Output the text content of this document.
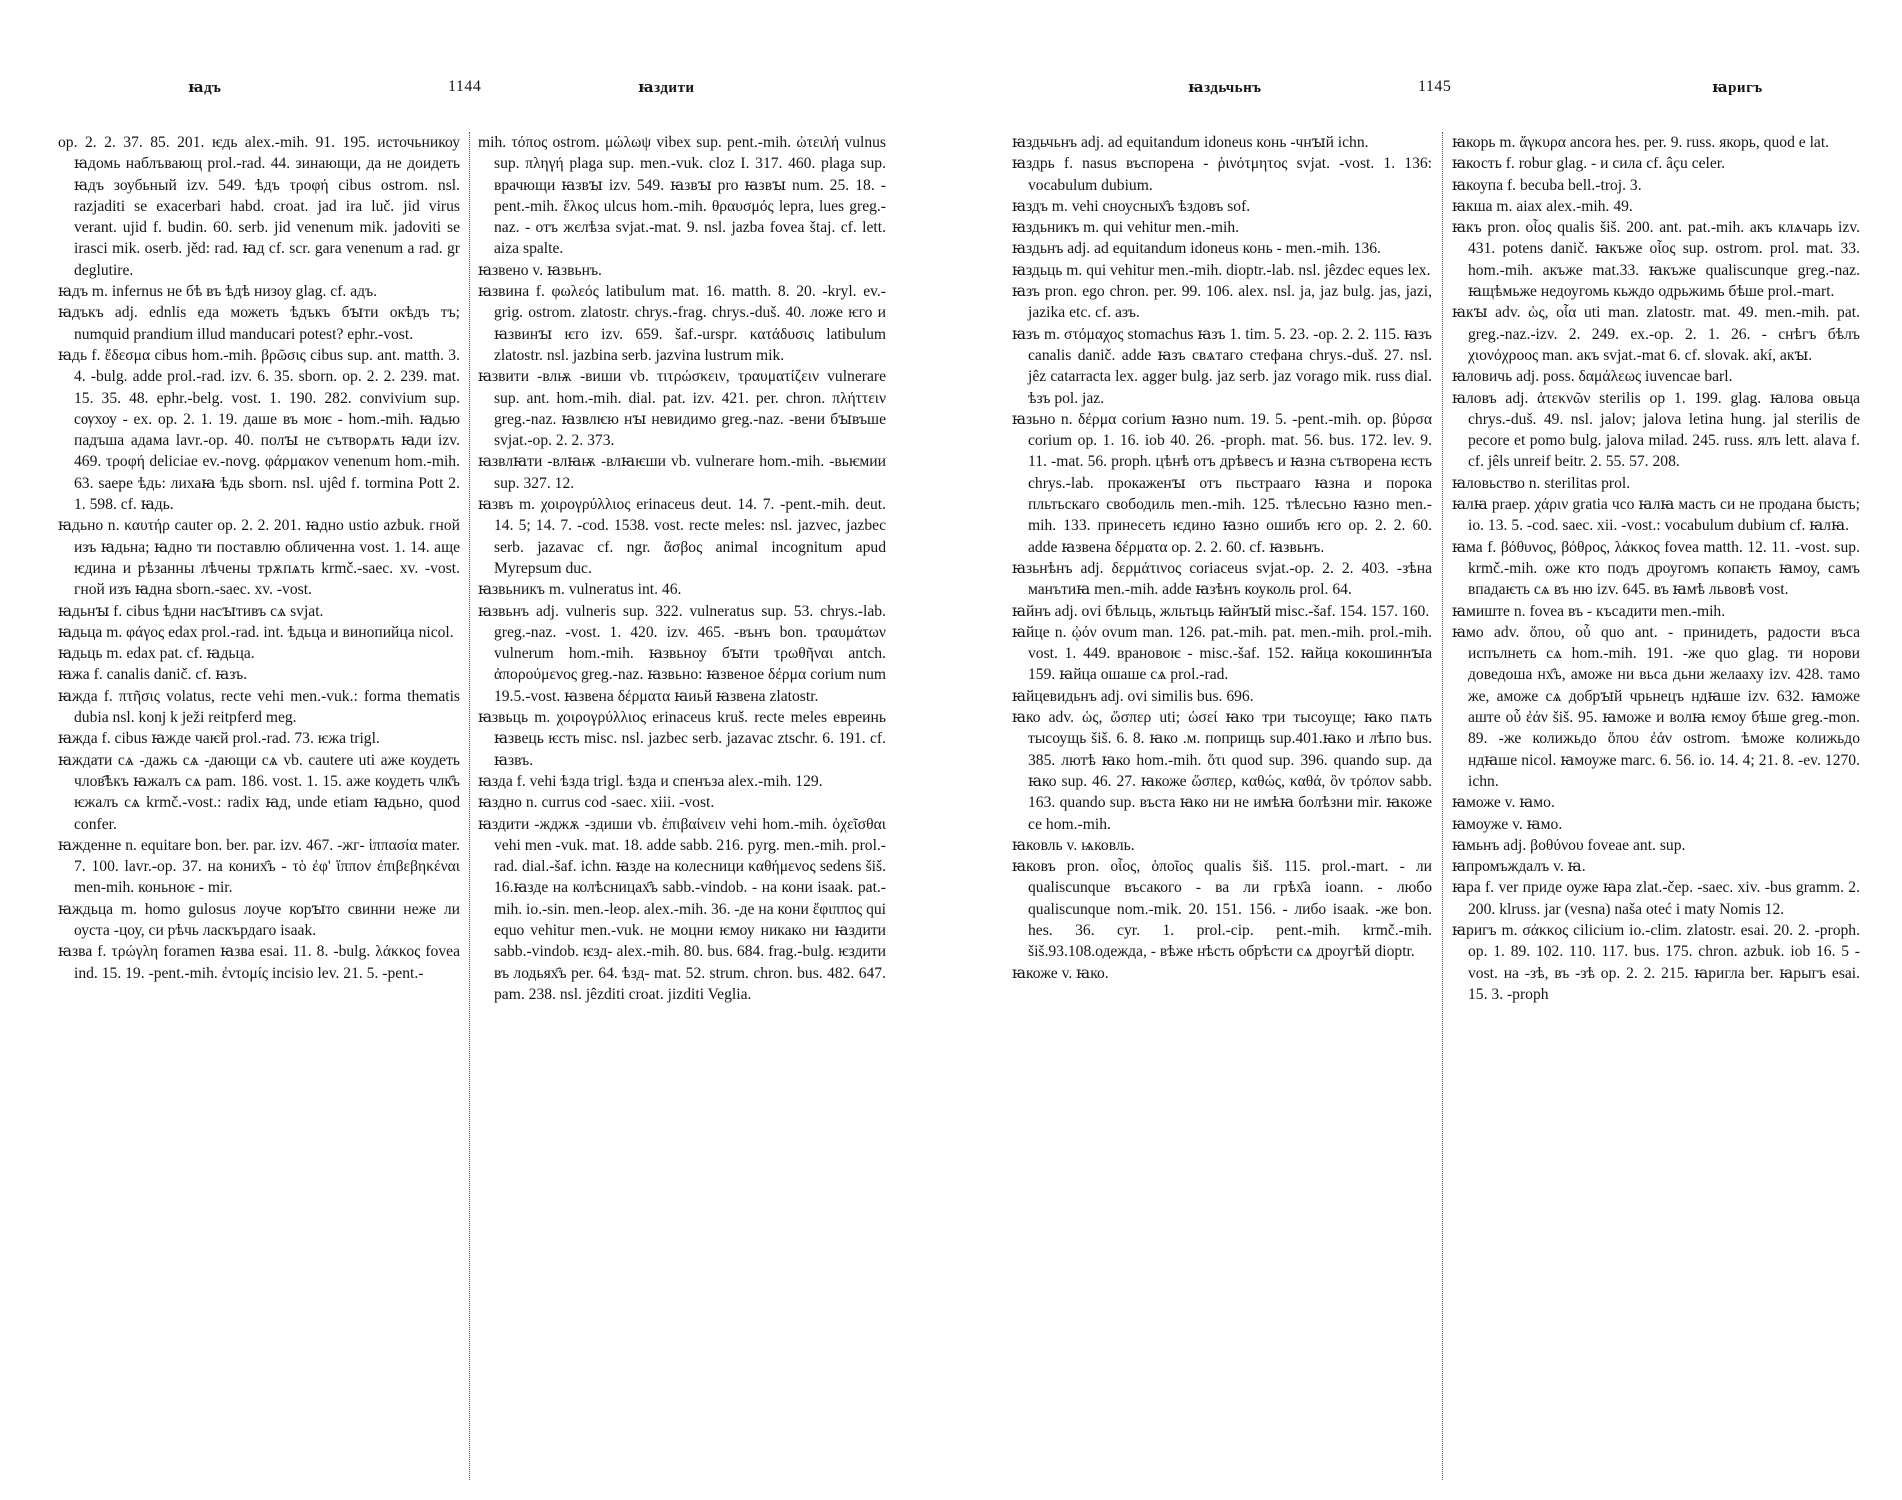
ꙗдъ	1144	ꙗздити

op. 2. 2. 37. 85. 201. ѥдь alex.-mih. 91. 195. источьникоу ꙗдомь наблъвающ prol.-rad. 44. зинающи, да не доидеть ꙗдъ зоубьный izv. 549. ѣдъ τροφή cibus ostrom. nsl. razjaditi se exacerbari habd. croat. jad ira luč. jid virus verant. ujid f. budin. 60. serb. jid venenum mik. jadoviti se irasci mik. oserb. jěd: rad. ꙗд cf. scr. gara venenum a rad. gr deglutire.

ꙗдъ m. infernus не бѣ въ ѣдѣ низоу glag. cf. адъ.

ꙗдъкъ adj. ednlis еда можеть ѣдъкъ бꙑти окѣдъ тъ; numquid prandium illud manducari potest? ephr.-vost.

ꙗдь f. ἔδεσμα cibus hom.-mih. βρῶσις cibus sup. ant. matth. 3. 4. -bulg. adde prol.-rad. izv. 6. 35. sborn. op. 2. 2. 239. mat. 15. 35. 48. ephr.-belg. vost. 1. 190. 282. convivium sup. сѹхоу - ex. op. 2. 1. 19. даше въ моѥ - hom.-mih. ꙗдью падъша адама lavr.-op. 40. полꙑ не сътворѧть ꙗди izv. 469. τροφή deliciae ev.-novg. φάρμακον venenum hom.-mih. 63. saepe ѣдь: лихаꙗ ѣдь sborn. nsl. ujêd f. tormina Pott 2. 1. 598. cf. ꙗдь.

ꙗдьно n. καυτήρ cauter op. 2. 2. 201. ꙗдно ustio azbuk. гной изъ ꙗдьна; ꙗдно ти поставлю обличенна vost. 1. 14. аще ѥдина и рѣзанны лѣчены трѫпѧть krmč.-saec. xv. -vost. гной изъ ꙗдна sborn.-saec. xv. -vost.

ꙗдьнꙑ f. cibus ѣдни насꙑтивъ сѧ svjat.

ꙗдьца m. φάγος edax prol.-rad. int. ѣдьца и винопийца nicol.

ꙗдьць m. edax pat. cf. ꙗдьца.

ꙗжа f. canalis danič. cf. ꙗзъ.

ꙗжда f. πτῆσις volatus, recte vehi men.-vuk.: forma thematis dubia nsl. konj k ježi reitpferd meg.

ꙗжда f. cibus ꙗжде чаѥй prol.-rad. 73. ѥжа trigl.

ꙗждати сѧ -дажь сѧ -дающи сѧ vb. cautere uti аже коудеть члов҄ѣкъ ꙗжалъ сѧ pam. 186. vost. 1. 15. аже коудеть члк҄ъ ѥжалъ сѧ krmč.-vost.: radix ꙗд, unde etiam ꙗдьно, quod confer.

ꙗжденне n. equitare bon. ber. par. izv. 467. -жг- ἱππασία mater. 7. 100. lavr.-op. 37. на коних҄ъ - τὸ ἐφ' ἵππον ἐπιβεβηκέναι men-mih. коньноѥ - mir.

ꙗждьца m. homo gulosus лоуче корꙑто свинни неже ли оуста -цоу, си рѣчь ласкърдаго isaak.

ꙗзва f. τρώγλη foramen ꙗзва esai. 11. 8. -bulg. λάκκος fovea ind. 15. 19. -pent.-mih. ἐντομίς incisio lev. 21. 5. -pent.-

mih. τόπος ostrom. μώλωψ vibex sup. pent.-mih. ὠτειλή vulnus sup. πληγή plaga sup. men.-vuk. cloz I. 317. 460. plaga sup. врачющи ꙗзвꙑ izv. 549. ꙗзвꙑ pro ꙗзвꙑ num. 25. 18. -pent.-mih. ἕλκος ulcus hom.-mih. θραυσμός lepra, lues greg.-naz. - отъ жєлѣза svjat.-mat. 9. nsl. jazba fovea štaj. cf. lett. aiza spalte.

ꙗзвено v. ꙗзвьнъ.

ꙗзвина f. φωλεός latibulum mat. 16. matth. 8. 20. -kryl. ev.-grig. ostrom. zlatostr. chrys.-frag. chrys.-duš. 40. ложе ѥго и ꙗзвинꙑ ѥго izv. 659. šaf.-urspr. κατάδυσις latibulum zlatostr. nsl. jazbina serb. jazvina lustrum mik.

ꙗзвити -влѭ -виши vb. τιτρώσκειν, τραυματίζειν vulnerare sup. ant. hom.-mih. dial. pat. izv. 421. per. chron. πλήττειν greg.-naz. ꙗзвлѥю нꙑ невидимо greg.-naz. -вени бꙑвъше svjat.-op. 2. 2. 373.

ꙗзвлꙗти -влꙗѭ -влꙗѥши vb. vulnerare hom.-mih. -вьѥмии sup. 327. 12.

ꙗзвъ m. χοιρογρύλλιος erinaceus deut. 14. 7. -pent.-mih. deut. 14. 5; 14. 7. -cod. 1538. vost. recte meles: nsl. jazvec, jazbec serb. jazavac cf. ngr. ἄσβος animal incognitum apud Myrepsum duc.

ꙗзвьникъ m. vulneratus int. 46.

ꙗзвьнъ adj. vulneris sup. 322. vulneratus sup. 53. chrys.-lab. greg.-naz. -vost. 1. 420. izv. 465. -вънъ bon. τραυμάτων vulnerum hom.-mih. ꙗзвьноу бꙑти τρωθῆναι antch. ἀπορούμενος greg.-naz. ꙗзвьно: ꙗзвеное δέρμα corium num 19.5.-vost. ꙗзвена δέρματα ꙗиьй ꙗзвена zlatostr.

ꙗзвьць m. χοιρογρύλλιος erinaceus kruš. recte meles евреинь ꙗзвець ѥсть misc. nsl. jazbec serb. jazavac ztschr. 6. 191. cf. ꙗзвъ.

ꙗзда f. vehi ѣзда trigl. ѣзда и спенъза alex.-mih. 129.

ꙗздно n. currus cod -saec. xiii. -vost.

ꙗздити -жджѫ -здиши vb. ἐπιβαίνειν vehi hom.-mih. ὀχεῖσθαι vehi men -vuk. mat. 18. adde sabb. 216. pyrg. men.-mih. prol.-rad. dial.-šaf. ichn. ꙗзде на колесници καθήμενος sedens šiš. 16.ꙗзде на колѣсницах҄ъ sabb.-vindob. - на кони isaak. pat.-mih. io.-sin. men.-leop. alex.-mih. 36. -де на кони ἔφιππος qui equo vehitur men.-vuk. не моцни ѥмоу никако ни ꙗздити sabb.-vindob. ѥзд- alex.-mih. 80. bus. 684. frag.-bulg. ѥздити въ лодьях҄ъ per. 64. ѣзд- mat. 52. strum. chron. bus. 482. 647. pam. 238. nsl. jêzditi croat. jizditi Veglia.

ꙗздьчьнъ	1145	ꙗригъ

ꙗздьчьнъ adj. ad equitandum idoneus конь -чнꙑй ichn.

ꙗздрь f. nasus въспорена - ῥινότμητος svjat. -vost. 1. 136: vocabulum dubium.

ꙗздъ m. vehi сноусных҄ъ ѣздовъ sof.

ꙗздьникъ m. qui vehitur men.-mih.

ꙗздьнъ adj. ad equitandum idoneus конь - men.-mih. 136.

ꙗздьць m. qui vehitur men.-mih. dioptr.-lab. nsl. jêzdec eques lex.

ꙗзъ pron. ego chron. per. 99. 106. alex. nsl. ja, jaz bulg. jas, jazi, jazika etc. cf. азъ.

ꙗзъ m. στόμαχος stomachus ꙗзъ 1. tim. 5. 23. -op. 2. 2. 115. ꙗзъ canalis danič. adde ꙗзъ свѧтаго стефана chrys.-duš. 27. nsl. jêz catarracta lex. agger bulg. jaz serb. jaz vorago mik. russ dial. ѣзъ pol. jaz.

ꙗзьно n. δέρμα corium ꙗзно num. 19. 5. -pent.-mih. op. βύρσα corium op. 1. 16. iob 40. 26. -proph. mat. 56. bus. 172. lev. 9. 11. -mat. 56. proph. цѣнѣ отъ дрѣвесъ и ꙗзна сътворена ѥсть chrys.-lab. прокаженꙑ отъ пьстрааго ꙗзна и порока пльтьскаго свободиль men.-mih. 125. тѣлесьно ꙗзно men.-mih. 133. принесеть ѥдино ꙗзно ошибъ ѥго op. 2. 2. 60. adde ꙗзвена δέρματα op. 2. 2. 60. cf. ꙗзвьнъ.

ꙗзьнѣнъ adj. δερμάτινος coriaceus svjat.-op. 2. 2. 403. -зѣна манътиꙗ men.-mih. adde ꙗзѣнъ коуколь prol. 64.

ꙗйнъ adj. ovi бѣльць, жльтьць ꙗйнꙑй misc.-šaf. 154. 157. 160.

ꙗйце n. ᾠόν ovum man. 126. pat.-mih. pat. men.-mih. prol.-mih. vost. 1. 449. врановоѥ - misc.-šaf. 152. ꙗйца кокошиннꙑа 159. ꙗйца ошаше сѧ prol.-rad.

ꙗйцевидьнъ adj. ovi similis bus. 696.

ꙗко adv. ὡς, ὥσπερ uti; ὡσεί ꙗко три тысоуще; ꙗко пѧть тысоущь šiš. 6. 8. ꙗко .м. поприщь sup.401.ꙗко и лѣпо bus. 385. лютѣ ꙗко hom.-mih. ὅτι quod sup. 396. quando sup. да ꙗко sup. 46. 27. ꙗкоже ὥσπερ, καθώς, καθά, ὃν τρόπον sabb. 163. quando sup. въста ꙗко ни не имѣꙗ болѣзни mir. ꙗкоже се hom.-mih.

ꙗковль v. ѩковль.

ꙗковъ pron. οἷος, ὁποῖος qualis šiš. 115. prol.-mart. - ли qualiscunque въсакого - ва ли грѣх҄а ioann. - любо qualiscunque nom.-mik. 20. 151. 156. - либо isaak. -же bon. hes. 36. cyr. 1. prol.-cip. pent.-mih. krmč.-mih. šiš.93.108.одежда, - вѣже нѣсть обрѣсти сѧ дроугѣй dioptr.

ꙗкоже v. ꙗко.

ꙗкорь m. ἄγκυρα ancora hes. per. 9. russ. якорь, quod e lat.

ꙗкость f. robur glag. - и сила cf. âçu celer.

ꙗкоупа f. becuba bell.-troj. 3.

ꙗкша m. aiax alex.-mih. 49.

ꙗкъ pron. οἷος qualis šiš. 200. ant. pat.-mih. акъ клѧчарь izv. 431. potens danič. ꙗкъже οἷος sup. ostrom. prol. mat. 33. hom.-mih. акъже mat.33. ꙗкъже qualiscunque greg.-naz. ꙗщѣмьже недоугомь кьждо одрьжимь бѣше prol.-mart.

ꙗкꙑ adv. ὡς, οἷα uti man. zlatostr. mat. 49. men.-mih. pat. greg.-naz.-izv. 2. 249. ex.-op. 2. 1. 26. - снѣгъ бѣлъ χιονόχροος man. акъ svjat.-mat 6. cf. slovak. akí, акꙑ.

ꙗловичь adj. poss. δαμάλεως iuvencae barl.

ꙗловъ adj. ἀτεκνῶν sterilis op 1. 199. glag. ꙗлова овьца chrys.-duš. 49. nsl. jalov; jalova letina hung. jal sterilis de pecore et pomo bulg. jalova milad. 245. russ. ялъ lett. alava f. cf. jêls unreif beitr. 2. 55. 57. 208.

ꙗловьство n. sterilitas prol.

ꙗлꙗ praep. χάριν gratia чсо ꙗлꙗ масть си не продана бысть; io. 13. 5. -cod. saec. xii. -vost.: vocabulum dubium cf. ꙗлꙗ.

ꙗма f. βόθυνος, βόθρος, λάκκος fovea matth. 12. 11. -vost. sup. krmč.-mih. оже кто подъ дроугомъ копаѥть ꙗмоу, самъ впадаѥть сѧ въ ню izv. 645. въ ꙗмѣ львовѣ vost.

ꙗмиште n. fovea въ - късадити men.-mih.

ꙗмо adv. ὅπου, οὗ quo ant. - принидеть, радости въса испълнеть сѧ hom.-mih. 191. -же quo glag. ти норови доведоша нх҄ъ, аможе ни вьса дьни желааху izv. 428. тамо же, аможе сѧ добрꙑй чрьнецъ ндꙗше izv. 632. ꙗможе аште οὗ ἐάν šiš. 95. ꙗможе и волꙗ ѥмоу бѣше greg.-mon. 89. -же колижьдо ὅπου ἐάν ostrom. ѣможе колижьдо ндꙗше nicol. ꙗмоуже marc. 6. 56. io. 14. 4; 21. 8. -ev. 1270. ichn.

ꙗможе v. ꙗмо.

ꙗмоуже v. ꙗмо.

ꙗмьнъ adj. βοθύνου foveae ant. sup.

ꙗпромъждалъ v. ꙗ.

ꙗра f. ver приде оуже ꙗра zlat.-čep. -saec. xiv. -bus gramm. 2. 200. klruss. jar (vesna) naša oteć i maty Nomis 12.

ꙗригъ m. σάκκος cilicium io.-clim. zlatostr. esai. 20. 2. -proph. op. 1. 89. 102. 110. 117. bus. 175. chron. azbuk. iob 16. 5 -vost. на -зѣ, въ -зѣ op. 2. 2. 215. ꙗригла ber. ꙗрыгъ esai. 15. 3. -proph
